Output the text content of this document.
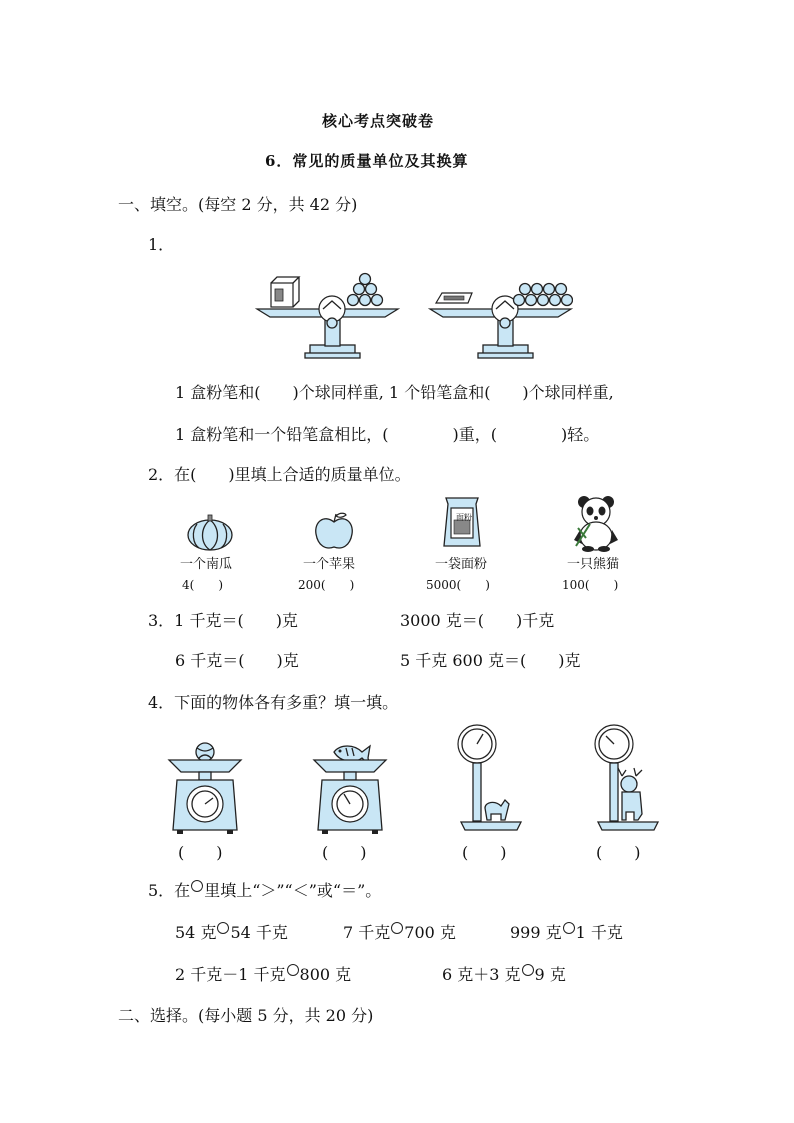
核心考点突破卷
6．常见的质量单位及其换算
一、填空。(每空 2 分，共 42 分)
1．
1 盒粉笔和(　　)个球同样重, 1 个铅笔盒和(　　)个球同样重,
1 盒粉笔和一个铅笔盒相比，(　　　　)重，(　　　　)轻。
2．在(　　)里填上合适的质量单位。
面粉
一个南瓜	一个苹果	一袋面粉	一只熊猫
4(　　)	200(　　)	5000(　　)	100(　　)
3．1 千克＝(　　)克	3000 克＝(　　)千克
6 千克＝(　　)克	5 千克 600 克＝(　　)克
4．下面的物体各有多重？填一填。
(　　)	(　　)	(　　)	(　　)
5．在 里填上“＞”“＜”或“＝”。
54 克 54 千克	7 千克 700 克	999 克 1 千克
2 千克－1 千克 800 克	6 克＋3 克 9 克
二、选择。(每小题 5 分，共 20 分)
